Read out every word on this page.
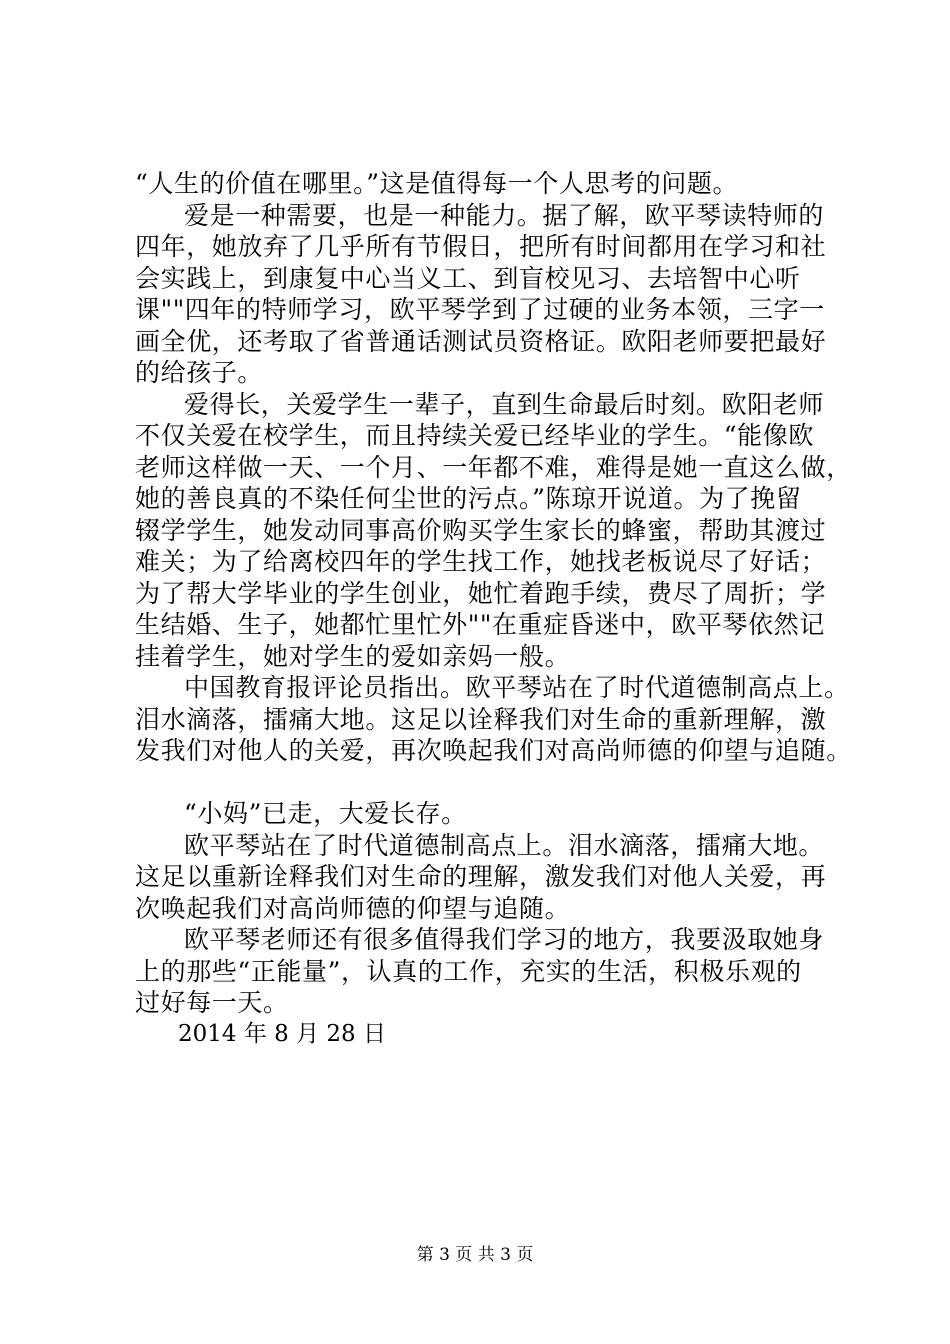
“人生的价值在哪里。”这是值得每一个人思考的问题。
爱是一种需要，也是一种能力。据了解，欧平琴读特师的
四年，她放弃了几乎所有节假日，把所有时间都用在学习和社
会实践上，到康复中心当义工、到盲校见习、去培智中心听
课""四年的特师学习，欧平琴学到了过硬的业务本领，三字一
画全优，还考取了省普通话测试员资格证。欧阳老师要把最好
的给孩子。
爱得长，关爱学生一辈子，直到生命最后时刻。欧阳老师
不仅关爱在校学生，而且持续关爱已经毕业的学生。“能像欧
老师这样做一天、一个月、一年都不难，难得是她一直这么做，
她的善良真的不染任何尘世的污点。”陈琼开说道。为了挽留
辍学学生，她发动同事高价购买学生家长的蜂蜜，帮助其渡过
难关；为了给离校四年的学生找工作，她找老板说尽了好话；
为了帮大学毕业的学生创业，她忙着跑手续，费尽了周折；学
生结婚、生子，她都忙里忙外""在重症昏迷中，欧平琴依然记
挂着学生，她对学生的爱如亲妈一般。
中国教育报评论员指出。欧平琴站在了时代道德制高点上。
泪水滴落，擂痛大地。这足以诠释我们对生命的重新理解，激
发我们对他人的关爱，再次唤起我们对高尚师德的仰望与追随。
“小妈”已走，大爱长存。
欧平琴站在了时代道德制高点上。泪水滴落，擂痛大地。
这足以重新诠释我们对生命的理解，激发我们对他人关爱，再
次唤起我们对高尚师德的仰望与追随。
欧平琴老师还有很多值得我们学习的地方，我要汲取她身
上的那些“正能量”，认真的工作，充实的生活，积极乐观的
过好每一天。
2014 年 8 月 28 日
第 3 页 共 3 页
